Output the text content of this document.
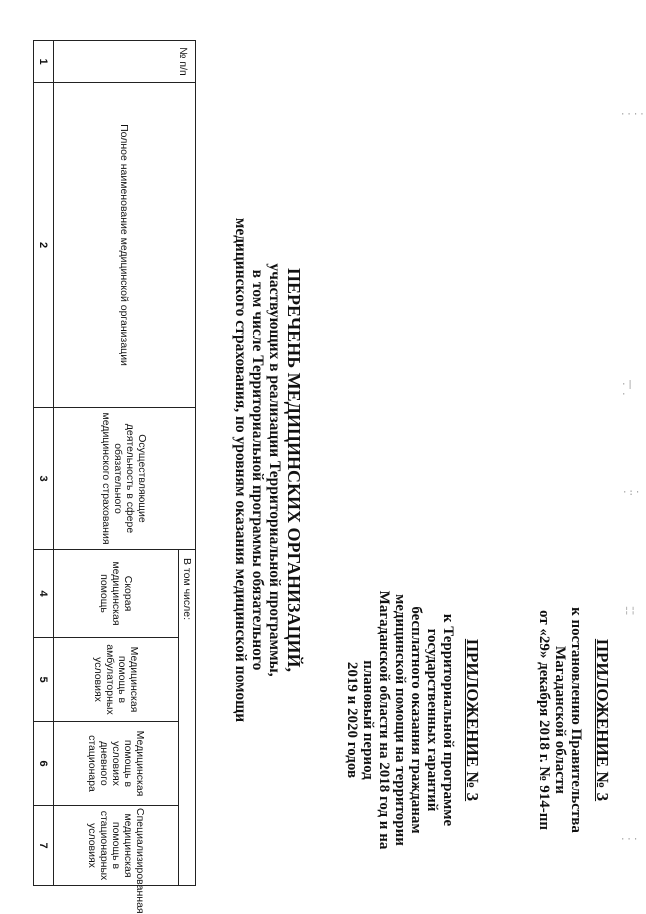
ПРИЛОЖЕНИЕ № 3
к постановлению Правительства
Магаданской области
от «29» декабря 2018 г. № 914-пп
ПРИЛОЖЕНИЕ № 3
к Территориальной программе
государственных гарантий
бесплатного оказания гражданам
медицинской помощи на территории
Магаданской области на 2018 год и на
плановый период
2019 и 2020 годов
ПЕРЕЧЕНЬ МЕДИЦИНСКИХ ОРГАНИЗАЦИЙ,
участвующих в реализации Территориальной программы,
в том числе Территориальной программы обязательного
медицинского страхования, по уровням оказания медицинской помощи
№ п/п	Полное наименование медицинской организации	Осуществляющие деятельность в сфере обязательного медицинского страхования	В том числе:			
			Скорая медицинская помощь	Медицинская помощь в амбулаторных условиях	Медицинская помощь в условиях дневного стационара	Специализированная медицинская помощь в стационарных условиях
1	2	3	4	5	6	7
····
·|·
·:·
¦¦
···
